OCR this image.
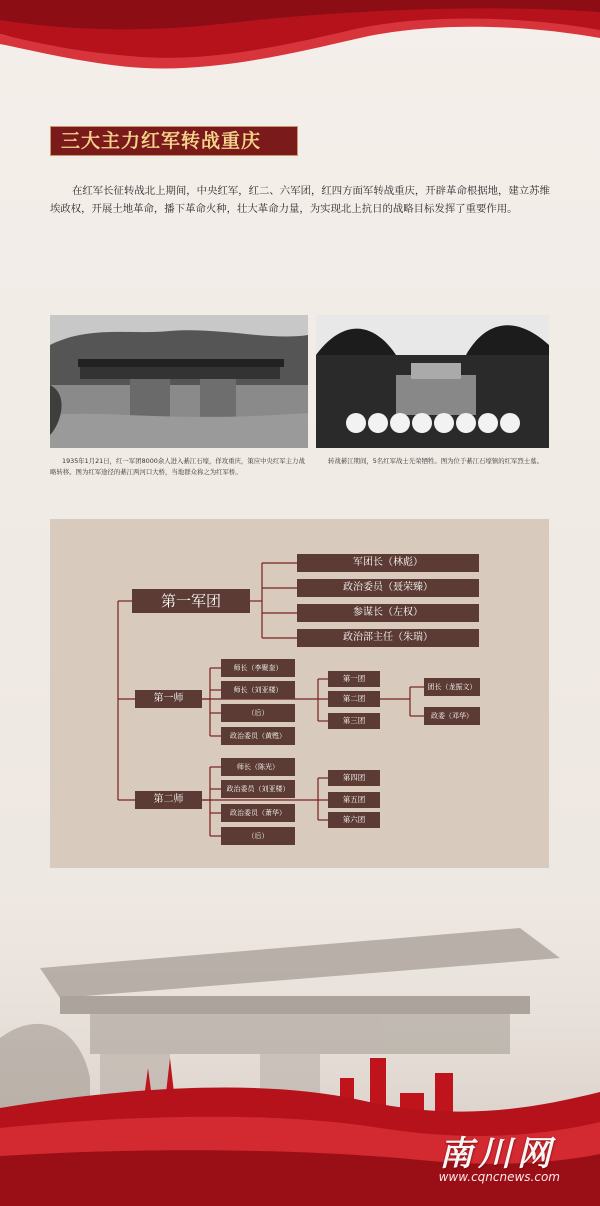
三大主力红军转战重庆
在红军长征转战北上期间，中央红军，红二、六军团，红四方面军转战重庆，开辟革命根据地，建立苏维埃政权，开展土地革命，播下革命火种，壮大革命力量，为实现北上抗日的战略目标发挥了重要作用。
1935年1月21日，红一军团8000余人进入綦江石壕，佯攻重庆，策应中央红军主力战略转移。图为红军途径的綦江两河口大桥，当地群众称之为红军桥。
转战綦江期间，5名红军战士光荣牺牲。图为位于綦江石壕镇的红军烈士墓。
第一军团
军团长（林彪）
政治委员（聂荣臻）
参谋长（左权）
政治部主任（朱瑞）
第一师
师长（李聚奎）
师长（刘亚楼）
（后）
政治委员（黄甦）
第一团
第二团
第三团
团长（龙振文）
政委（邓华）
第二师
师长（陈光）
政治委员（刘亚楼）
政治委员（萧华）
（后）
第四团
第五团
第六团
南川网
www.cqncnews.com
